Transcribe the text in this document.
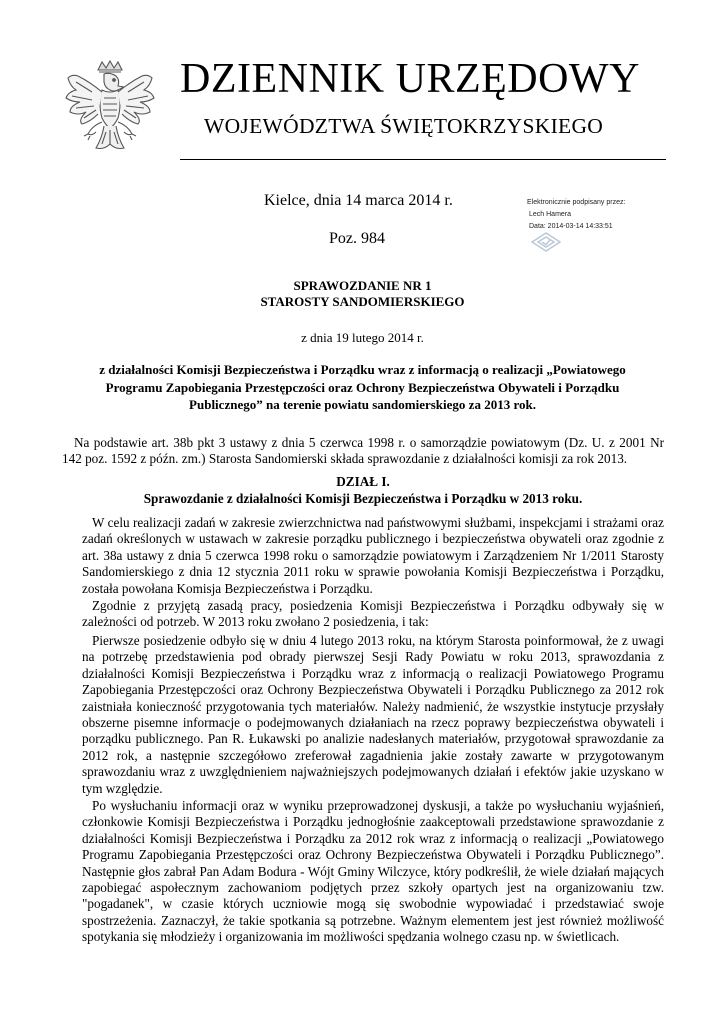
DZIENNIK URZĘDOWY
WOJEWÓDZTWA ŚWIĘTOKRZYSKIEGO
Kielce, dnia 14 marca 2014 r.
Poz. 984
Elektronicznie podpisany przez:
Lech Hamera
Data: 2014-03-14 14:33:51
SPRAWOZDANIE NR 1
STAROSTY SANDOMIERSKIEGO
z dnia 19 lutego 2014 r.
z działalności Komisji Bezpieczeństwa i Porządku wraz z informacją o realizacji „Powiatowego Programu Zapobiegania Przestępczości oraz Ochrony Bezpieczeństwa Obywateli i Porządku Publicznego” na terenie powiatu sandomierskiego za 2013 rok.
Na podstawie art. 38b pkt 3 ustawy z dnia 5 czerwca 1998 r. o samorządzie powiatowym (Dz. U. z 2001 Nr 142 poz. 1592 z późn. zm.) Starosta Sandomierski składa sprawozdanie z działalności komisji za rok 2013.
DZIAŁ I.
Sprawozdanie z działalności Komisji Bezpieczeństwa i Porządku w 2013 roku.
W celu realizacji zadań w zakresie zwierzchnictwa nad państwowymi służbami, inspekcjami i strażami oraz zadań określonych w ustawach w zakresie porządku publicznego i bezpieczeństwa obywateli oraz zgodnie z art. 38a ustawy z dnia 5 czerwca 1998 roku o samorządzie powiatowym i Zarządzeniem Nr 1/2011 Starosty Sandomierskiego z dnia 12 stycznia 2011 roku w sprawie powołania Komisji Bezpieczeństwa i Porządku, została powołana Komisja Bezpieczeństwa i Porządku.
Zgodnie z przyjętą zasadą pracy, posiedzenia Komisji Bezpieczeństwa i Porządku odbywały się w zależności od potrzeb. W 2013 roku zwołano 2 posiedzenia, i tak:
Pierwsze posiedzenie odbyło się w dniu 4 lutego 2013 roku, na którym Starosta poinformował, że z uwagi na potrzebę przedstawienia pod obrady pierwszej Sesji Rady Powiatu w roku 2013, sprawozdania z działalności Komisji Bezpieczeństwa i Porządku wraz z informacją o realizacji Powiatowego Programu Zapobiegania Przestępczości oraz Ochrony Bezpieczeństwa Obywateli i Porządku Publicznego za 2012 rok zaistniała konieczność przygotowania tych materiałów. Należy nadmienić, że wszystkie instytucje przysłały obszerne pisemne informacje o podejmowanych działaniach na rzecz poprawy bezpieczeństwa obywateli i porządku publicznego. Pan R. Łukawski po analizie nadesłanych materiałów, przygotował sprawozdanie za 2012 rok, a następnie szczegółowo zreferował zagadnienia jakie zostały zawarte w przygotowanym sprawozdaniu wraz z uwzględnieniem najważniejszych podejmowanych działań i efektów jakie uzyskano w tym względzie.
Po wysłuchaniu informacji oraz w wyniku przeprowadzonej dyskusji, a także po wysłuchaniu wyjaśnień, członkowie Komisji Bezpieczeństwa i Porządku jednogłośnie zaakceptowali przedstawione sprawozdanie z działalności Komisji Bezpieczeństwa i Porządku za 2012 rok wraz z informacją o realizacji „Powiatowego Programu Zapobiegania Przestępczości oraz Ochrony Bezpieczeństwa Obywateli i Porządku Publicznego”. Następnie głos zabrał Pan Adam Bodura - Wójt Gminy Wilczyce, który podkreślił, że wiele działań mających zapobiegać aspołecznym zachowaniom podjętych przez szkoły opartych jest na organizowaniu tzw. "pogadanek", w czasie których uczniowie mogą się swobodnie wypowiadać i przedstawiać swoje spostrzeżenia. Zaznaczył, że takie spotkania są potrzebne. Ważnym elementem jest jest również możliwość spotykania się młodzieży i organizowania im możliwości spędzania wolnego czasu np. w świetlicach.
